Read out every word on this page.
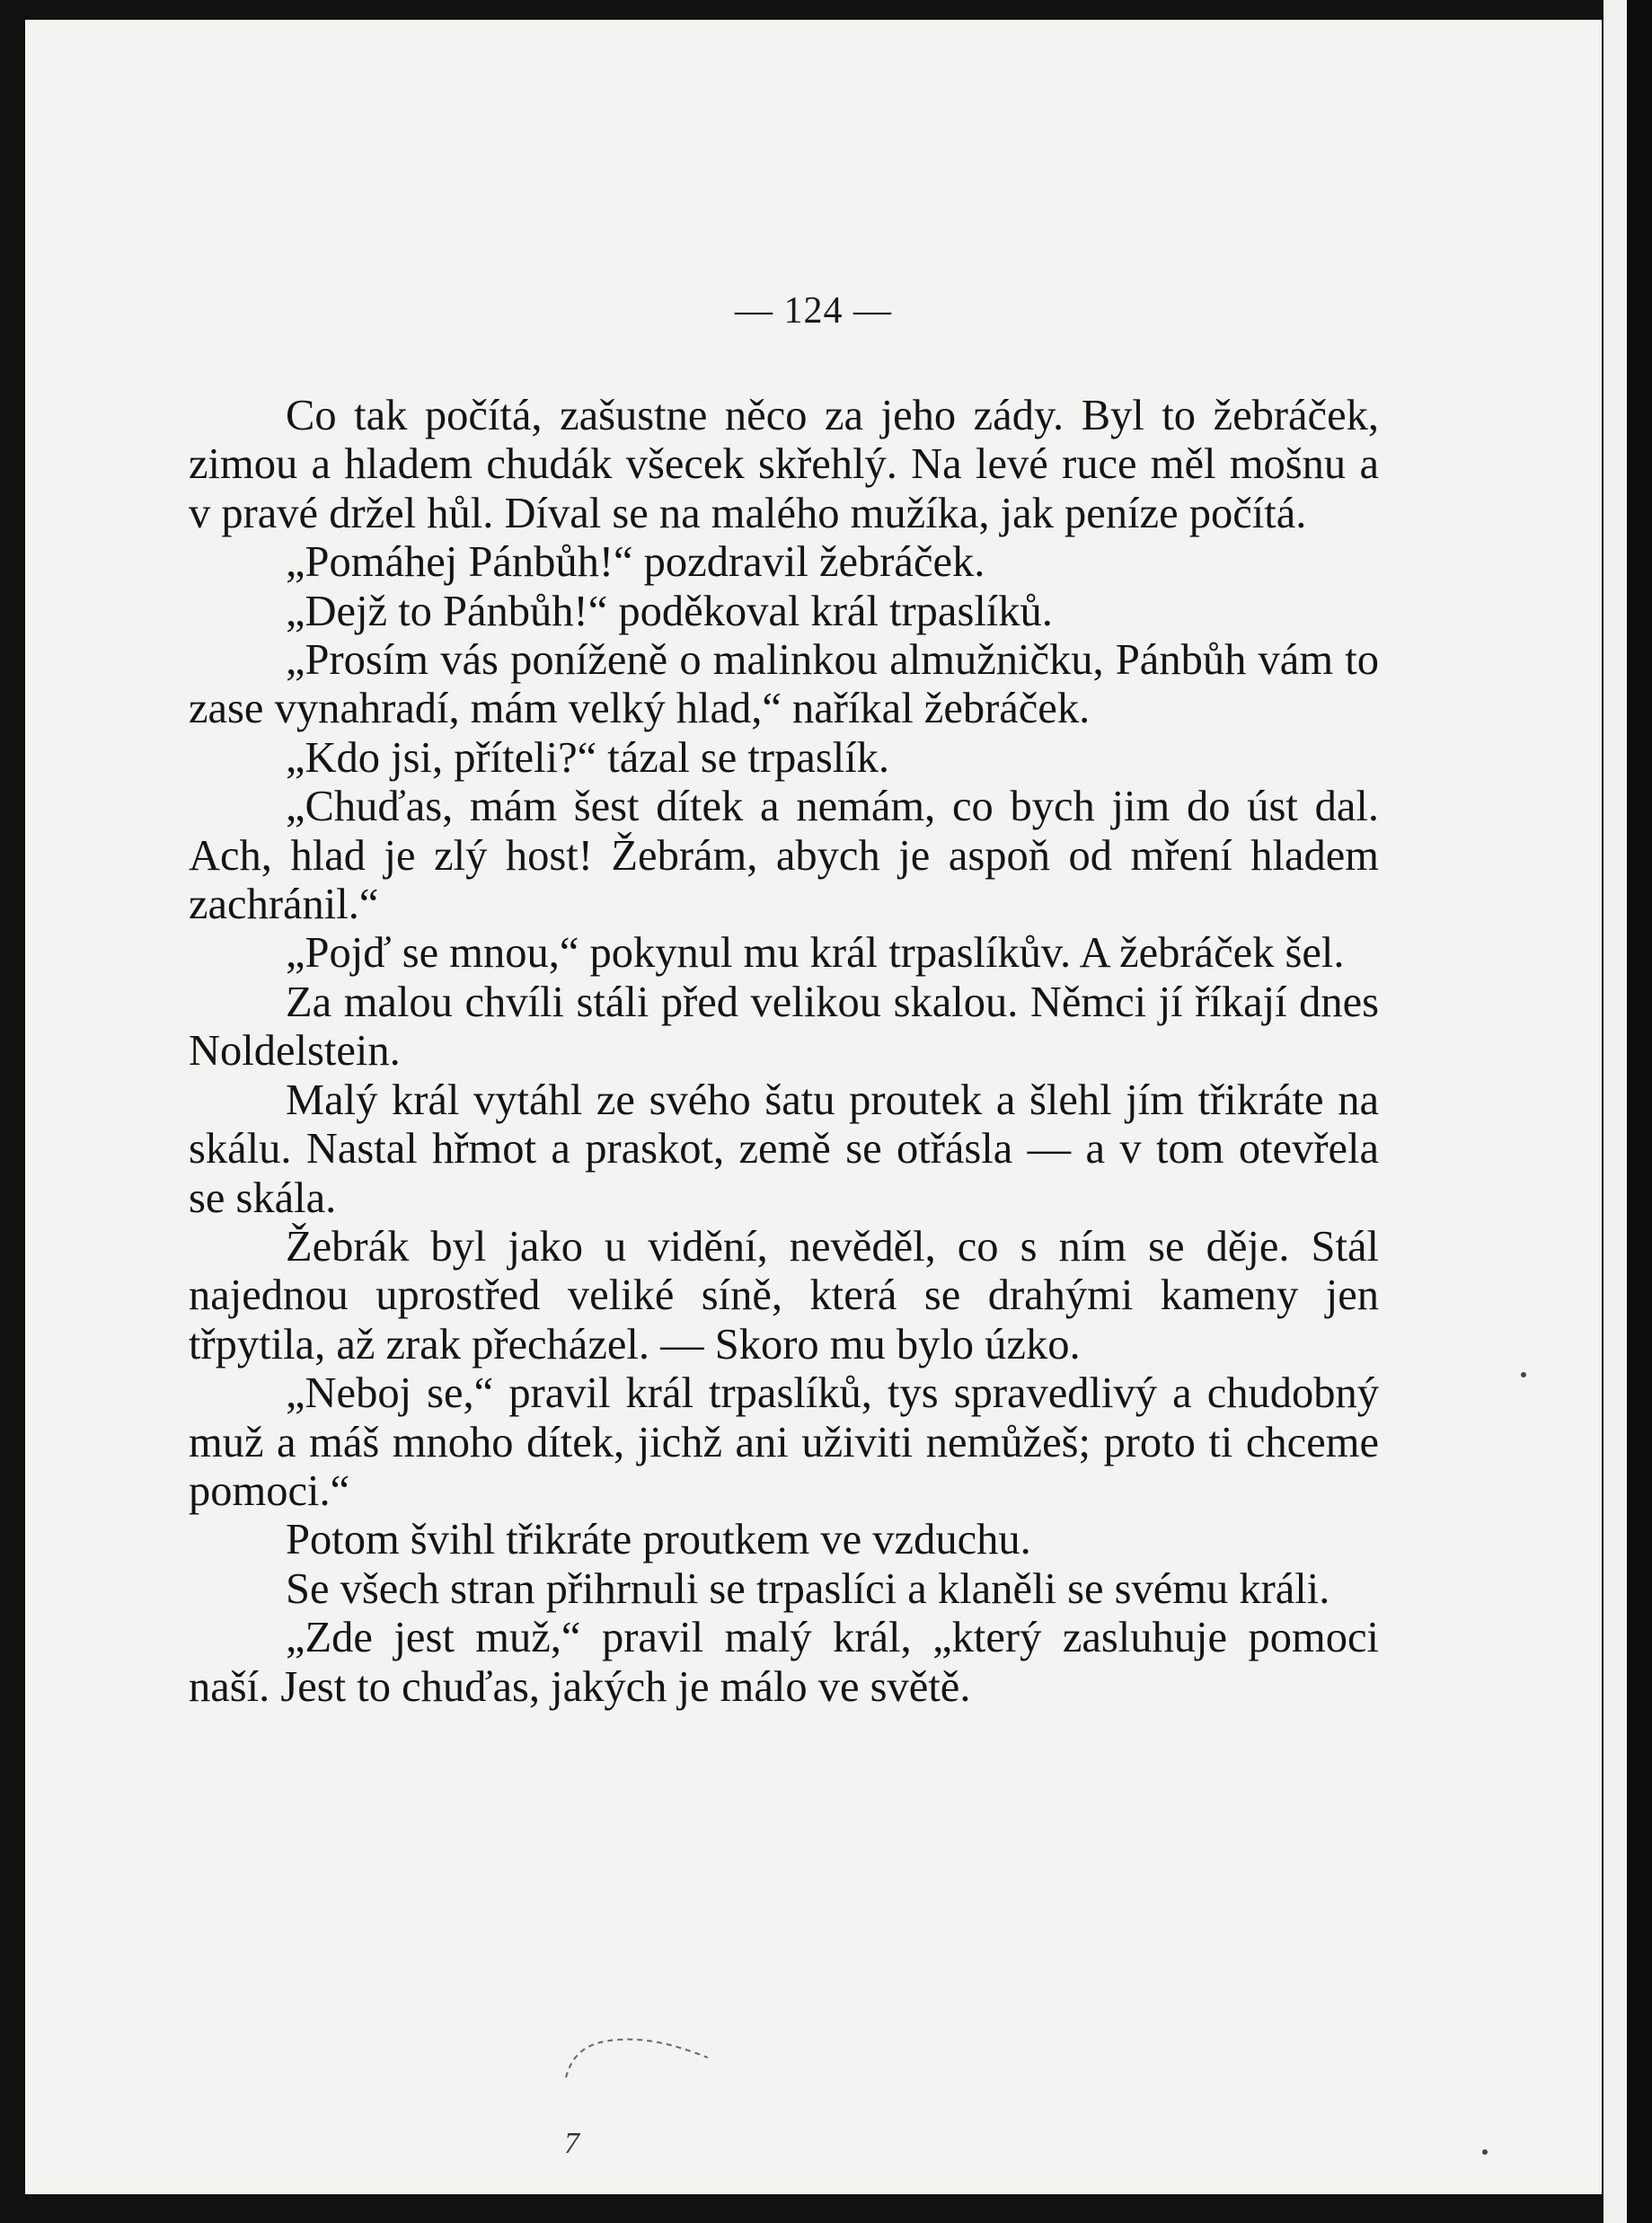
— 124 —

Co tak počítá, zašustne něco za jeho zády. Byl to žebráček, zimou a hladem chudák všecek skřehlý. Na levé ruce měl mošnu a v pravé držel hůl. Díval se na malého mužíka, jak peníze počítá.

„Pomáhej Pánbůh!“ pozdravil žebráček.

„Dejž to Pánbůh!“ poděkoval král trpaslíků.

„Prosím vás poníženě o malinkou almužničku, Pánbůh vám to zase vynahradí, mám velký hlad,“ naříkal žebráček.

„Kdo jsi, příteli?“ tázal se trpaslík.

„Chuďas, mám šest dítek a nemám, co bych jim do úst dal. Ach, hlad je zlý host! Žebrám, abych je aspoň od mření hladem zachránil.“

„Pojď se mnou,“ pokynul mu král trpaslíkův. A žebráček šel.

Za malou chvíli stáli před velikou skalou. Němci jí říkají dnes Noldelstein.

Malý král vytáhl ze svého šatu proutek a šlehl jím třikráte na skálu. Nastal hřmot a praskot, země se otřásla — a v tom otevřela se skála.

Žebrák byl jako u vidění, nevěděl, co s ním se děje. Stál najednou uprostřed veliké síně, která se drahými kameny jen třpytila, až zrak přecházel. — Skoro mu bylo úzko.

„Neboj se,“ pravil král trpaslíků, tys spravedlivý a chudobný muž a máš mnoho dítek, jichž ani uživiti nemůžeš; proto ti chceme pomoci.“

Potom švihl třikráte proutkem ve vzduchu.

Se všech stran přihrnuli se trpaslíci a klaněli se svému králi.

„Zde jest muž,“ pravil malý král, „který zasluhuje pomoci naší. Jest to chuďas, jakých je málo ve světě.

7
